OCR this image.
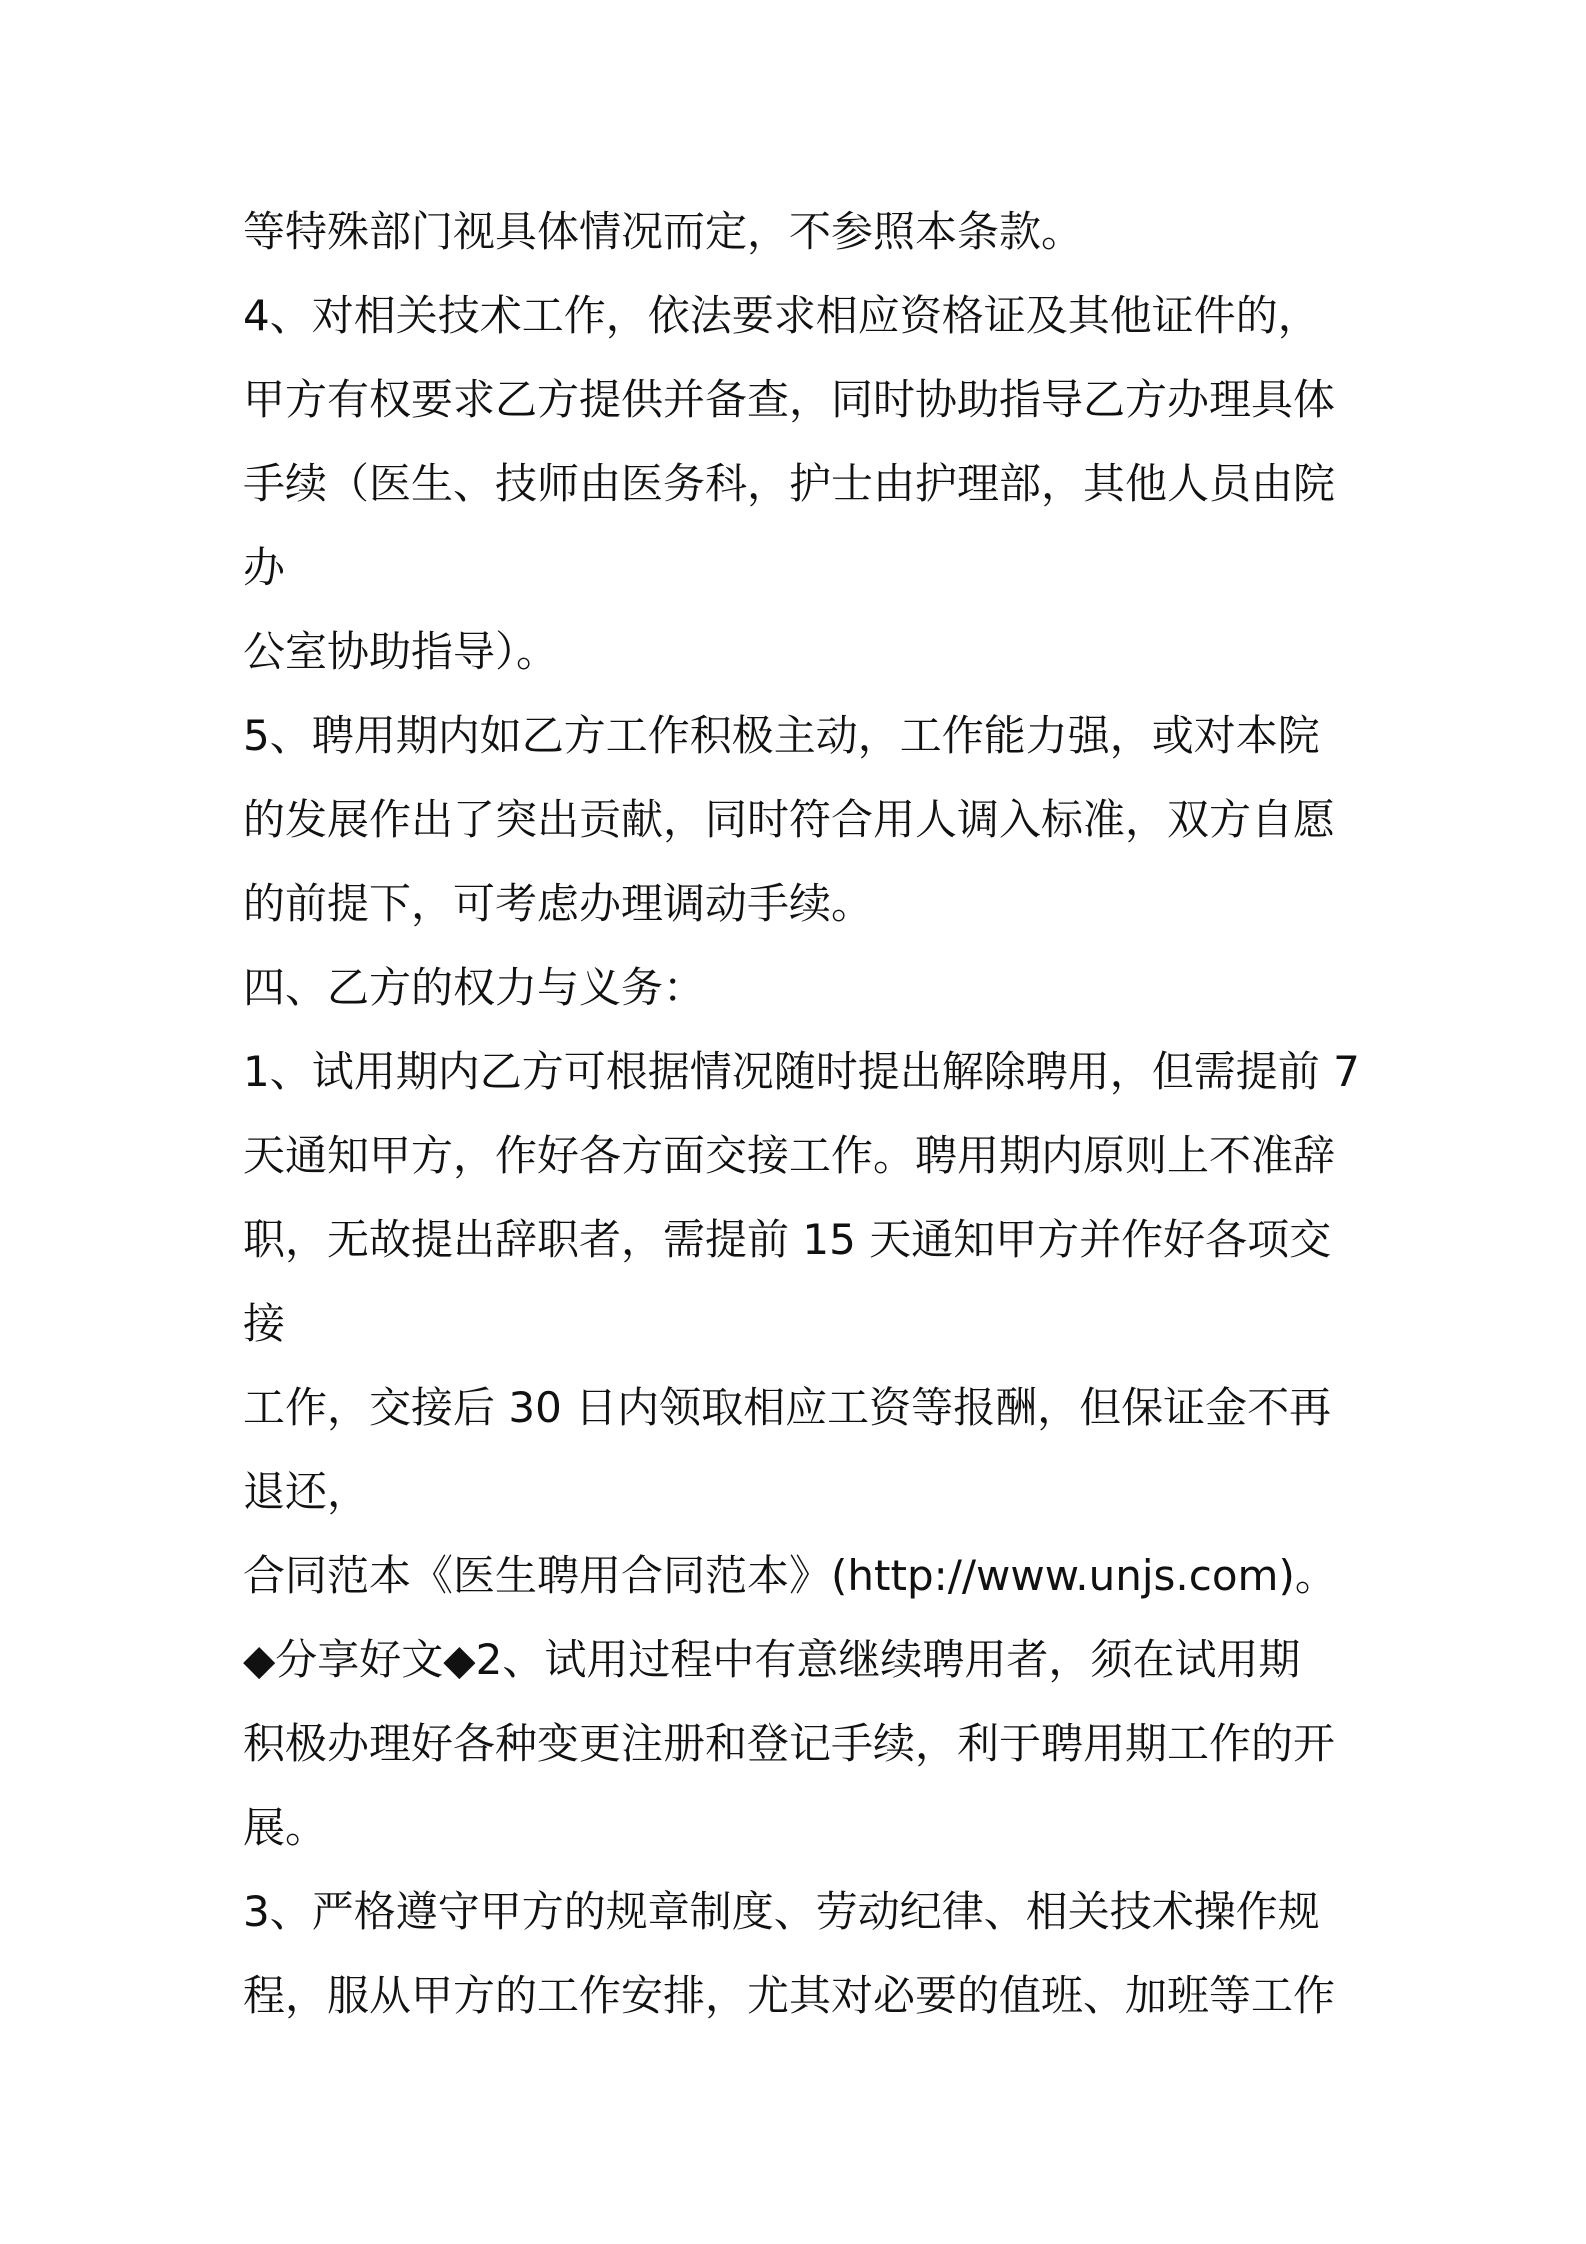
等特殊部门视具体情况而定，不参照本条款。
4、对相关技术工作，依法要求相应资格证及其他证件的，
甲方有权要求乙方提供并备查，同时协助指导乙方办理具体
手续（医生、技师由医务科，护士由护理部，其他人员由院
办
公室协助指导）。
5、聘用期内如乙方工作积极主动，工作能力强，或对本院
的发展作出了突出贡献，同时符合用人调入标准，双方自愿
的前提下，可考虑办理调动手续。
四、乙方的权力与义务：
1、试用期内乙方可根据情况随时提出解除聘用，但需提前 7
天通知甲方，作好各方面交接工作。聘用期内原则上不准辞
职，无故提出辞职者，需提前 15 天通知甲方并作好各项交
接
工作，交接后 30 日内领取相应工资等报酬，但保证金不再
退还，
合同范本《医生聘用合同范本》(http://www.unjs.com)。
◆分享好文◆2、试用过程中有意继续聘用者，须在试用期
积极办理好各种变更注册和登记手续，利于聘用期工作的开
展。
3、严格遵守甲方的规章制度、劳动纪律、相关技术操作规
程，服从甲方的工作安排，尤其对必要的值班、加班等工作
